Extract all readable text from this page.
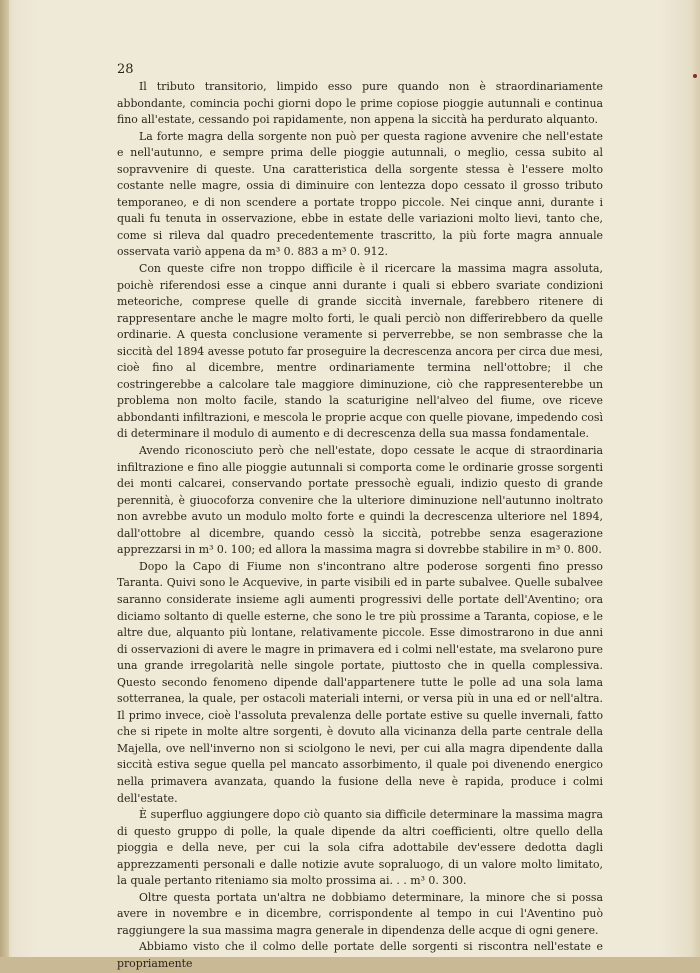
28

Il tributo transitorio, limpido esso pure quando non è straordinariamente abbondante, comincia pochi giorni dopo le prime copiose pioggie autunnali e continua fino all'estate, cessando poi rapidamente, non appena la siccità ha perdurato alquanto.

La forte magra della sorgente non può per questa ragione avvenire che nell'estate e nell'autunno, e sempre prima delle pioggie autunnali, o meglio, cessa subito al sopravvenire di queste. Una caratteristica della sorgente stessa è l'essere molto costante nelle magre, ossia di diminuire con lentezza dopo cessato il grosso tributo temporaneo, e di non scendere a portate troppo piccole. Nei cinque anni, durante i quali fu tenuta in osservazione, ebbe in estate delle variazioni molto lievi, tanto che, come si rileva dal quadro precedentemente trascritto, la più forte magra annuale osservata variò appena da m³ 0. 883 a m³ 0. 912.

Con queste cifre non troppo difficile è il ricercare la massima magra assoluta, poichè riferendosi esse a cinque anni durante i quali si ebbero svariate condizioni meteoriche, comprese quelle di grande siccità invernale, farebbero ritenere di rappresentare anche le magre molto forti, le quali perciò non differirebbero da quelle ordinarie. A questa conclusione veramente si perverrebbe, se non sembrasse che la siccità del 1894 avesse potuto far proseguire la decrescenza ancora per circa due mesi, cioè fino al dicembre, mentre ordinariamente termina nell'ottobre; il che costringerebbe a calcolare tale maggiore diminuzione, ciò che rappresenterebbe un problema non molto facile, stando la scaturigine nell'alveo del fiume, ove riceve abbondanti infiltrazioni, e mescola le proprie acque con quelle piovane, impedendo così di determinare il modulo di aumento e di decrescenza della sua massa fondamentale.

Avendo riconosciuto però che nell'estate, dopo cessate le acque di straordinaria infiltrazione e fino alle pioggie autunnali si comporta come le ordinarie grosse sorgenti dei monti calcarei, conservando portate pressochè eguali, indizio questo di grande perennità, è giuocoforza convenire che la ulteriore diminuzione nell'autunno inoltrato non avrebbe avuto un modulo molto forte e quindi la decrescenza ulteriore nel 1894, dall'ottobre al dicembre, quando cessò la siccità, potrebbe senza esagerazione apprezzarsi in m³ 0. 100; ed allora la massima magra si dovrebbe stabilire in m³ 0. 800.

Dopo la Capo di Fiume non s'incontrano altre poderose sorgenti fino presso Taranta. Quivi sono le Acquevive, in parte visibili ed in parte subalvee. Quelle subalvee saranno considerate insieme agli aumenti progressivi delle portate dell'Aventino; ora diciamo soltanto di quelle esterne, che sono le tre più prossime a Taranta, copiose, e le altre due, alquanto più lontane, relativamente piccole. Esse dimostrarono in due anni di osservazioni di avere le magre in primavera ed i colmi nell'estate, ma svelarono pure una grande irregolarità nelle singole portate, piuttosto che in quella complessiva. Questo secondo fenomeno dipende dall'appartenere tutte le polle ad una sola lama sotterranea, la quale, per ostacoli materiali interni, or versa più in una ed or nell'altra. Il primo invece, cioè l'assoluta prevalenza delle portate estive su quelle invernali, fatto che si ripete in molte altre sorgenti, è dovuto alla vicinanza della parte centrale della Majella, ove nell'inverno non si sciolgono le nevi, per cui alla magra dipendente dalla siccità estiva segue quella pel mancato assorbimento, il quale poi divenendo energico nella primavera avanzata, quando la fusione della neve è rapida, produce i colmi dell'estate.

È superfluo aggiungere dopo ciò quanto sia difficile determinare la massima magra di questo gruppo di polle, la quale dipende da altri coefficienti, oltre quello della pioggia e della neve, per cui la sola cifra adottabile dev'essere dedotta dagli apprezzamenti personali e dalle notizie avute sopraluogo, di un valore molto limitato, la quale pertanto riteniamo sia molto prossima ai. . . m³ 0. 300.

Oltre questa portata un'altra ne dobbiamo determinare, la minore che si possa avere in novembre e in dicembre, corrispondente al tempo in cui l'Aventino può raggiungere la sua massima magra generale in dipendenza delle acque di ogni genere.

Abbiamo visto che il colmo delle portate delle sorgenti si riscontra nell'estate e propriamente
